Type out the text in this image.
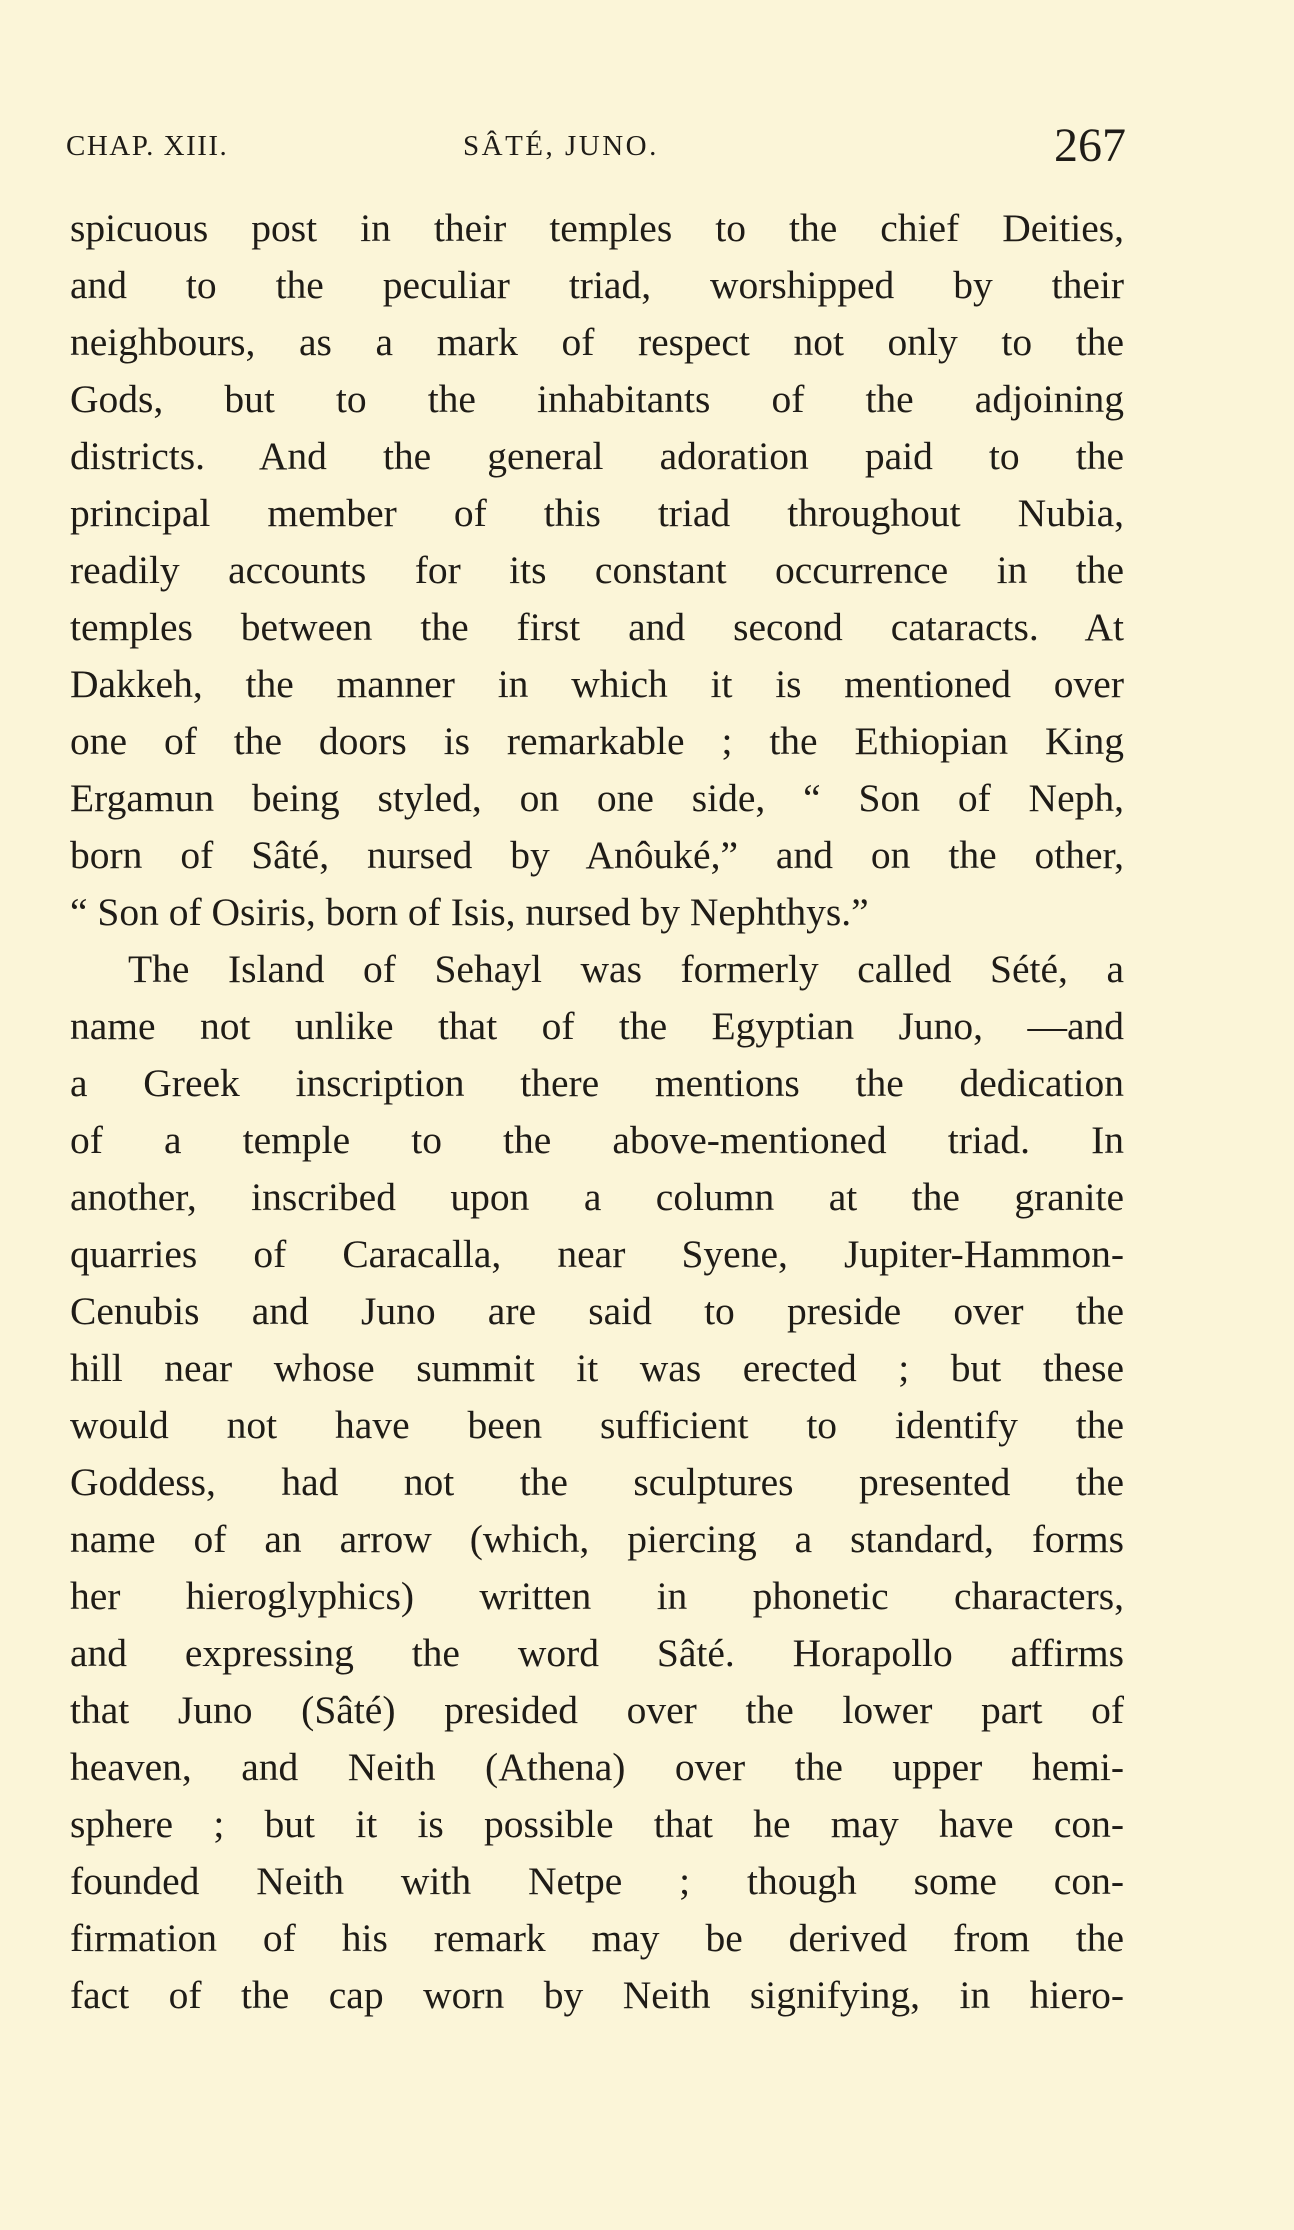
CHAP. XIII.	SÂTÉ, JUNO.	267
spicuous post in their temples to the chief Deities,
and to the peculiar triad, worshipped by their
neighbours, as a mark of respect not only to the
Gods, but to the inhabitants of the adjoining
districts. And the general adoration paid to the
principal member of this triad throughout Nubia,
readily accounts for its constant occurrence in the
temples between the first and second cataracts. At
Dakkeh, the manner in which it is mentioned over
one of the doors is remarkable ; the Ethiopian King
Ergamun being styled, on one side, “ Son of Neph,
born of Sâté, nursed by Anôuké,” and on the other,
“ Son of Osiris, born of Isis, nursed by Nephthys.”
The Island of Sehayl was formerly called Sété, a
name not unlike that of the Egyptian Juno, —and
a Greek inscription there mentions the dedication
of a temple to the above-mentioned triad. In
another, inscribed upon a column at the granite
quarries of Caracalla, near Syene, Jupiter-Hammon-
Cenubis and Juno are said to preside over the
hill near whose summit it was erected ; but these
would not have been sufficient to identify the
Goddess, had not the sculptures presented the
name of an arrow (which, piercing a standard, forms
her hieroglyphics) written in phonetic characters,
and expressing the word Sâté. Horapollo affirms
that Juno (Sâté) presided over the lower part of
heaven, and Neith (Athena) over the upper hemi-
sphere ; but it is possible that he may have con-
founded Neith with Netpe ; though some con-
firmation of his remark may be derived from the
fact of the cap worn by Neith signifying, in hiero-
